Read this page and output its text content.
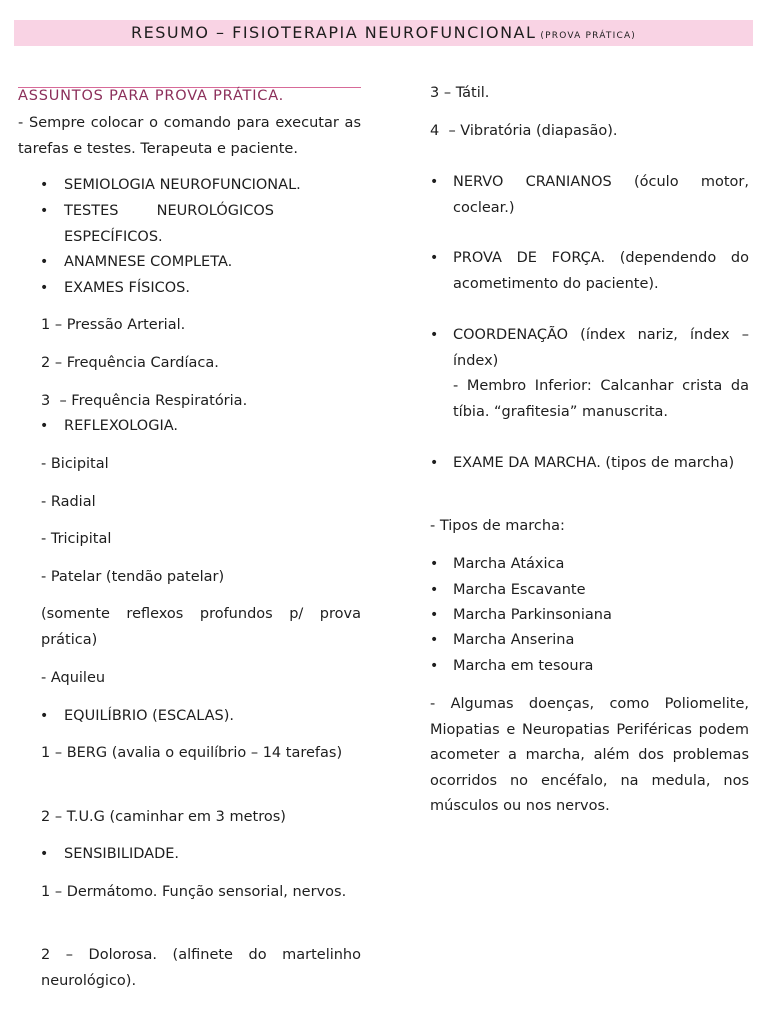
RESUMO – FISIOTERAPIA NEUROFUNCIONAL (PROVA PRÁTICA)
ASSUNTOS PARA PROVA PRÁTICA.
- Sempre colocar o comando para executar as tarefas e testes. Terapeuta e paciente.
• SEMIOLOGIA NEUROFUNCIONAL.
• TESTES NEUROLÓGICOS ESPECÍFICOS.
• ANAMNESE COMPLETA.
• EXAMES FÍSICOS.
1 – Pressão Arterial.
2 – Frequência Cardíaca.
3  – Frequência Respiratória.
• REFLEXOLOGIA.
- Bicipital
- Radial
- Tricipital
- Patelar (tendão patelar)
(somente reflexos profundos p/ prova prática)
- Aquileu
• EQUILÍBRIO (ESCALAS).
1 – BERG (avalia o equilíbrio – 14 tarefas)
2 – T.U.G (caminhar em 3 metros)
• SENSIBILIDADE.
1 – Dermátomo. Função sensorial, nervos.
2 – Dolorosa. (alfinete do martelinho neurológico).
3 – Tátil.
4  – Vibratória (diapasão).
• NERVO CRANIANOS (óculo motor, coclear.)
• PROVA DE FORÇA. (dependendo do acometimento do paciente).
• COORDENAÇÃO (índex nariz, índex – índex)
- Membro Inferior: Calcanhar crista da tíbia. “grafitesia” manuscrita.
• EXAME DA MARCHA. (tipos de marcha)
- Tipos de marcha:
• Marcha Atáxica
• Marcha Escavante
• Marcha Parkinsoniana
• Marcha Anserina
• Marcha em tesoura
- Algumas doenças, como Poliomelite, Miopatias e Neuropatias Periféricas podem acometer a marcha, além dos problemas ocorridos no encéfalo, na medula, nos músculos ou nos nervos.
